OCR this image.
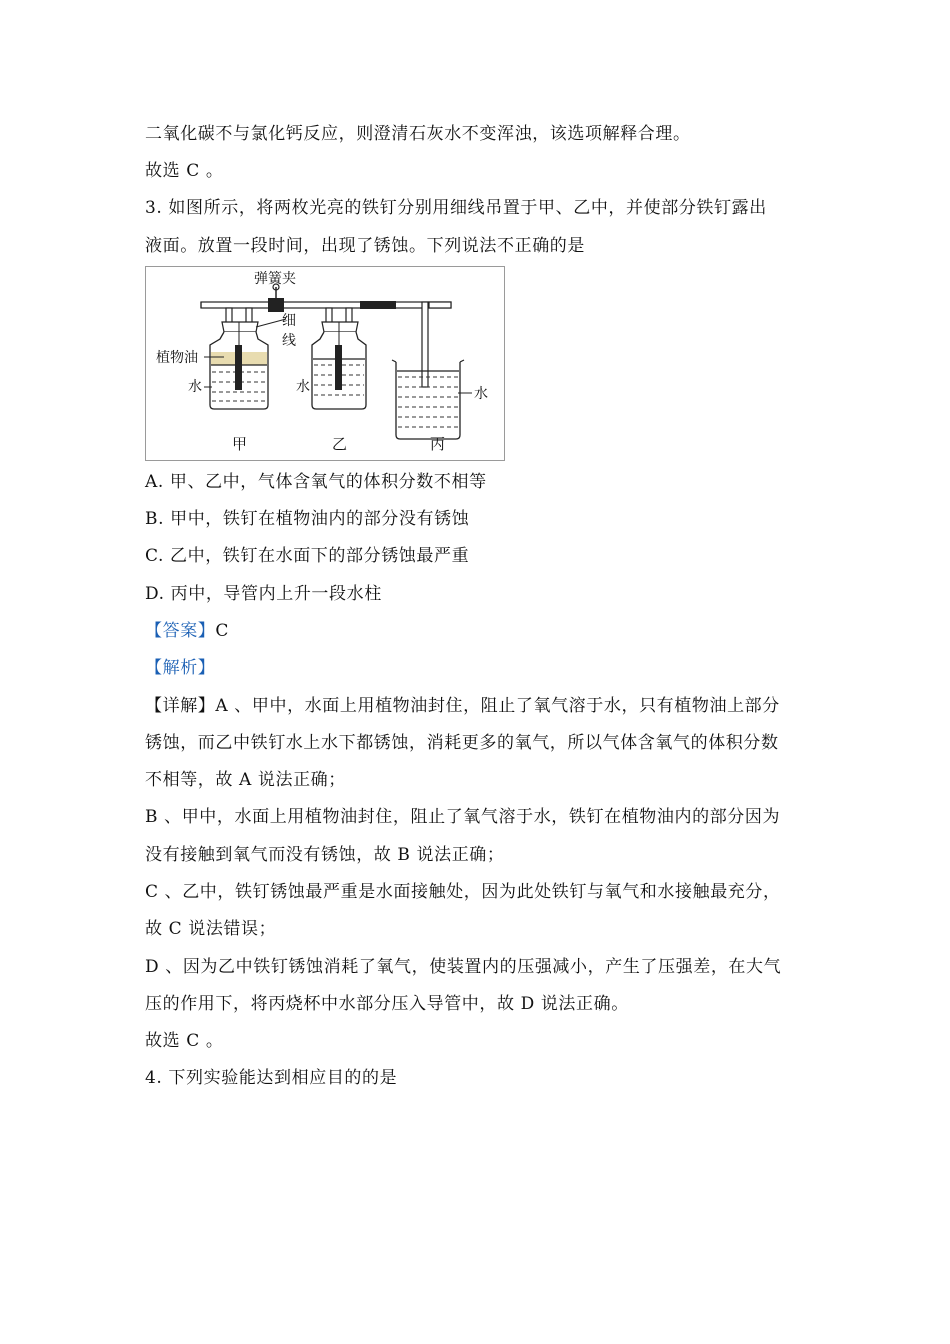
二氧化碳不与氯化钙反应，则澄清石灰水不变浑浊，该选项解释合理。
故选 C 。
3. 如图所示，将两枚光亮的铁钉分别用细线吊置于甲、乙中，并使部分铁钉露出
液面。放置一段时间，出现了锈蚀。下列说法不正确的是
弹簧夹
细
线
植物油
水	水	水
甲	乙	丙
A. 甲、乙中，气体含氧气的体积分数不相等
B. 甲中，铁钉在植物油内的部分没有锈蚀
C. 乙中，铁钉在水面下的部分锈蚀最严重
D. 丙中，导管内上升一段水柱
【答案】C
【解析】
【详解】A 、甲中，水面上用植物油封住，阻止了氧气溶于水，只有植物油上部分
锈蚀，而乙中铁钉水上水下都锈蚀，消耗更多的氧气，所以气体含氧气的体积分数
不相等，故 A 说法正确；
B 、甲中，水面上用植物油封住，阻止了氧气溶于水，铁钉在植物油内的部分因为
没有接触到氧气而没有锈蚀，故 B 说法正确；
C 、乙中，铁钉锈蚀最严重是水面接触处，因为此处铁钉与氧气和水接触最充分，
故 C 说法错误；
D 、因为乙中铁钉锈蚀消耗了氧气，使装置内的压强减小，产生了压强差，在大气
压的作用下，将丙烧杯中水部分压入导管中，故 D 说法正确。
故选 C 。
4. 下列实验能达到相应目的的是
